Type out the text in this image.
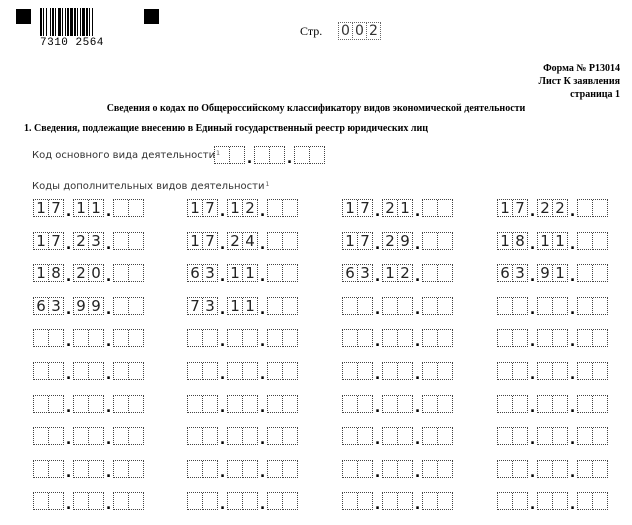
7310 2564
Стр. 0 0 2
Форма № Р13014
Лист К заявления
страница 1
Сведения о кодах по Общероссийскому классификатору видов экономической деятельности
1. Сведения, подлежащие внесению в Единый государственный реестр юридических лиц
Код основного вида деятельности$^1$
Коды дополнительных видов деятельности$^1$
. .
1 7 . 1 1 .	1 7 . 1 2 .	1 7 . 2 1 .	1 7 . 2 2 .
1 7 . 2 3 .	1 7 . 2 4 .	1 7 . 2 9 .	1 8 . 1 1 .
1 8 . 2 0 .	6 3 . 1 1 .	6 3 . 1 2 .	6 3 . 9 1 .
6 3 . 9 9 .	7 3 . 1 1 .	. .	. .
. .	. .	. .	. .
. .	. .	. .	. .
. .	. .	. .	. .
. .	. .	. .	. .
. .	. .	. .	. .
. .	. .	. .	. .
